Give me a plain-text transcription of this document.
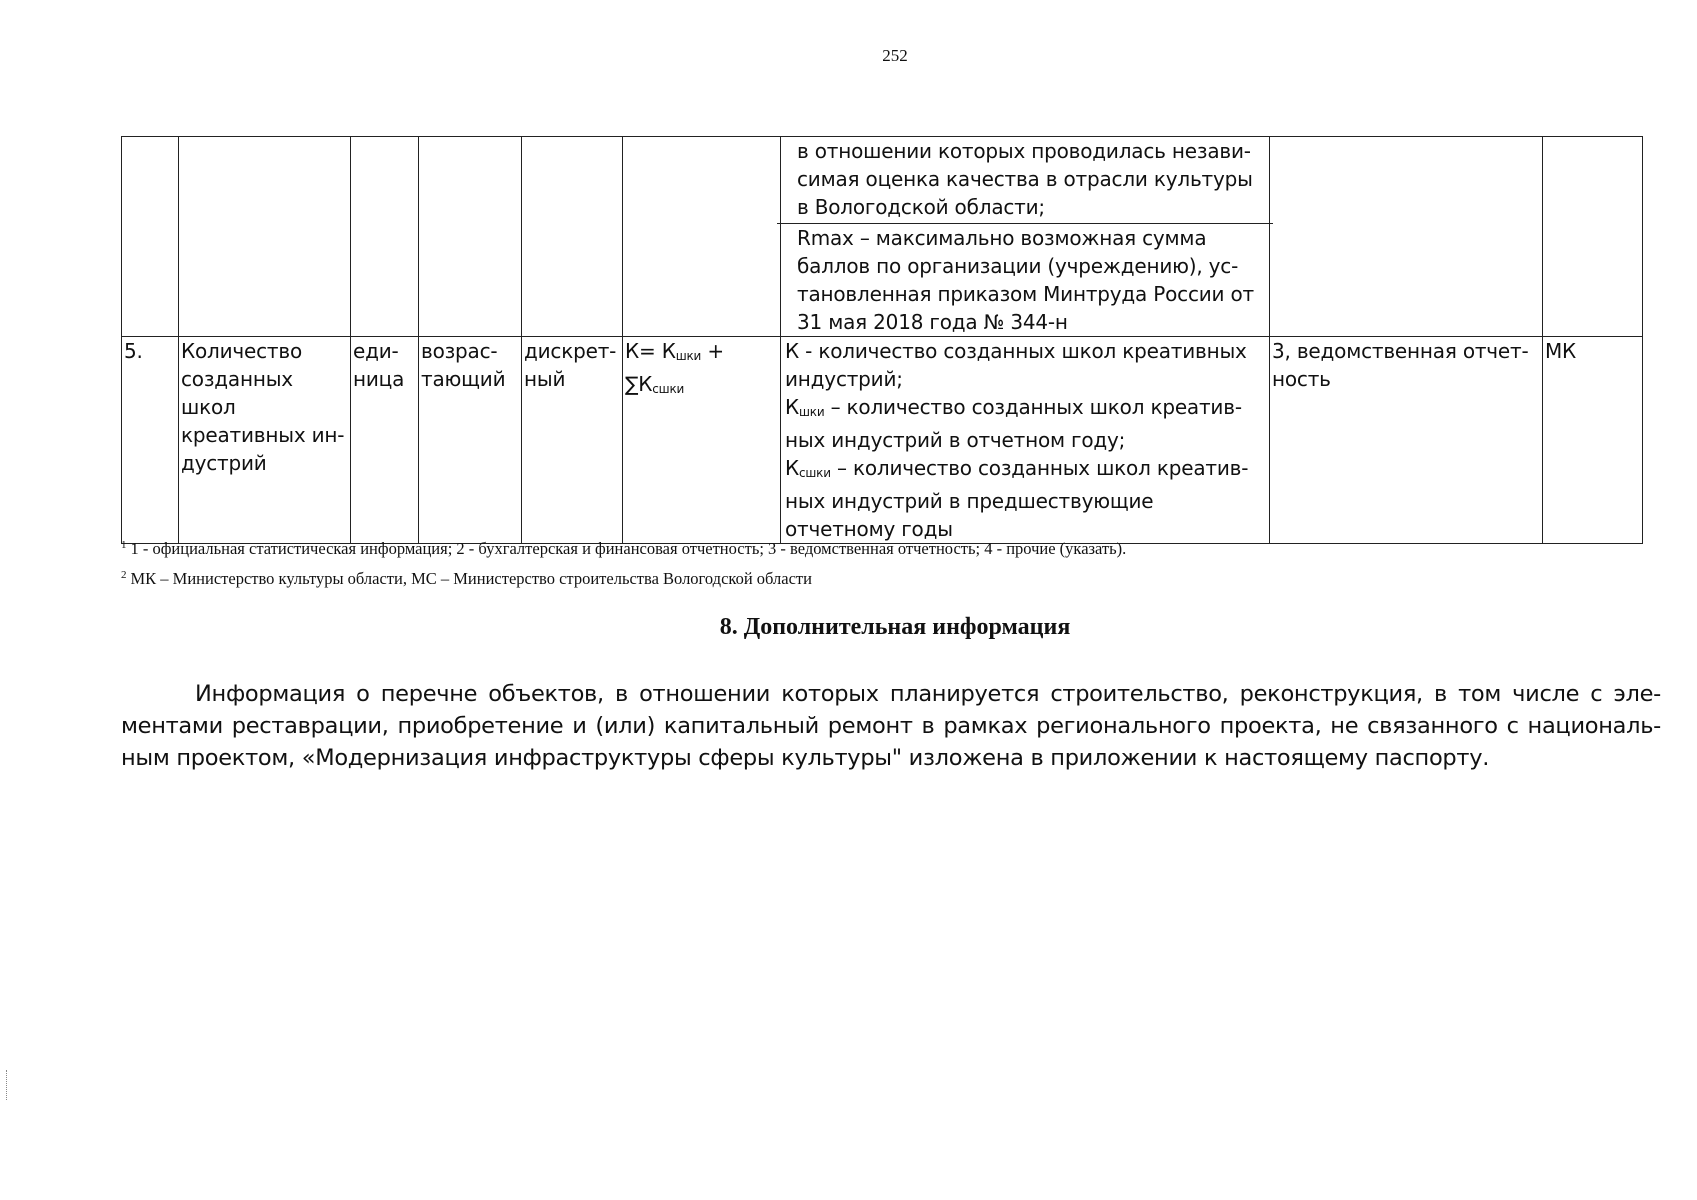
252

						в отношении которых проводилась незави-симая оценка качества в отрасли культуры в Вологодской области;
Rmax – максимально возможная сумма баллов по организации (учреждению), ус-тановленная приказом Минтруда России от 31 мая 2018 года № 344-н		

5.	Количество созданных школ креативных ин-дустрий	еди-ница	возрас-тающий	дискрет-ный	$К= К_{шки}$ +
$\sum К_{сшки}$	К - количество созданных школ креативных индустрий;
$К_{шки}$ – количество созданных школ креатив-ных индустрий в отчетном году;
$К_{сшки}$ – количество созданных школ креатив-ных индустрий в предшествующие отчетному годы	3, ведомственная отчет-ность	МК
$^1$ 1 - официальная статистическая информация; 2 - бухгалтерская и финансовая отчетность; 3 - ведомственная отчетность; 4 - прочие (указать).
$^2$ МК – Министерство культуры области, МС – Министерство строительства Вологодской области
8. Дополнительная информация

Информация о перечне объектов, в отношении которых планируется строительство, реконструкция, в том числе с эле-ментами реставрации, приобретение и (или) капитальный ремонт в рамках регионального проекта, не связанного с националь-ным проектом, «Модернизация инфраструктуры сферы культуры" изложена в приложении к настоящему паспорту.
